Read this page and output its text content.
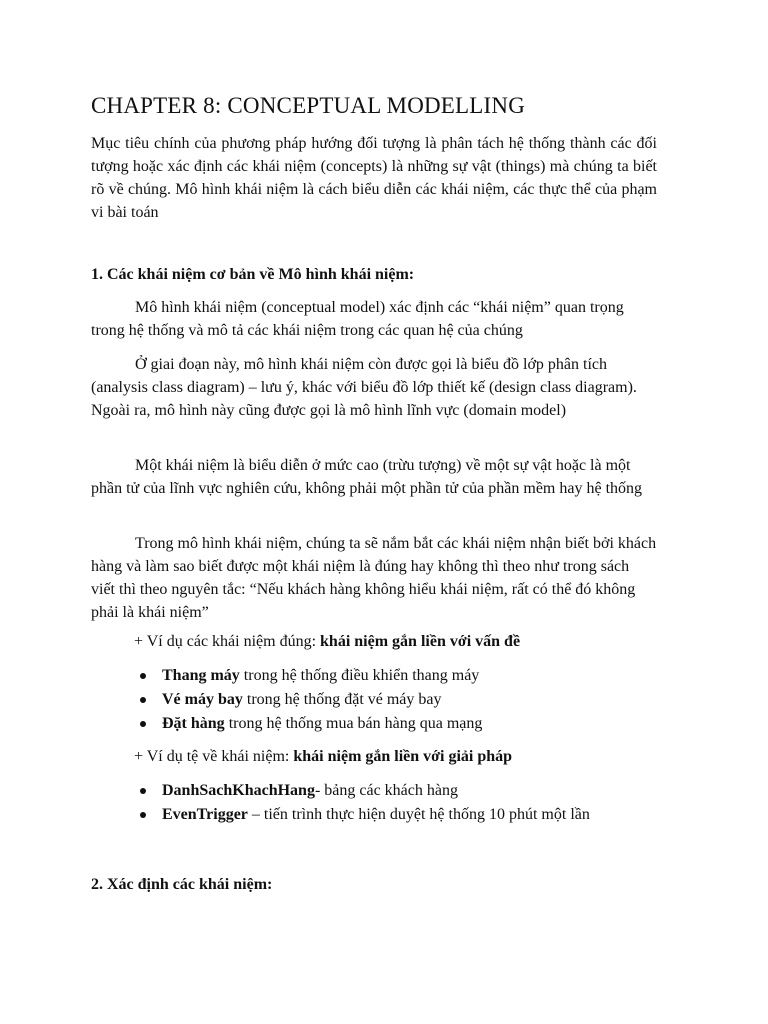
CHAPTER 8: CONCEPTUAL MODELLING

Mục tiêu chính của phương pháp hướng đối tượng là phân tách hệ thống thành các đối tượng hoặc xác định các khái niệm (concepts) là những sự vật (things) mà chúng ta biết rõ về chúng. Mô hình khái niệm là cách biểu diễn các khái niệm, các thực thể của phạm vi bài toán

1. Các khái niệm cơ bản về Mô hình khái niệm:

Mô hình khái niệm (conceptual model) xác định các “khái niệm” quan trọng trong hệ thống và mô tả các khái niệm trong các quan hệ của chúng

Ở giai đoạn này, mô hình khái niệm còn được gọi là biểu đồ lớp phân tích (analysis class diagram) – lưu ý, khác với biểu đồ lớp thiết kế (design class diagram). Ngoài ra, mô hình này cũng được gọi là mô hình lĩnh vực (domain model)

Một khái niệm là biểu diễn ở mức cao (trừu tượng) về một sự vật hoặc là một phần tử của lĩnh vực nghiên cứu, không phải một phần tử của phần mềm hay hệ thống

Trong mô hình khái niệm, chúng ta sẽ nắm bắt các khái niệm nhận biết bởi khách hàng và làm sao biết được một khái niệm là đúng hay không thì theo như trong sách viết thì theo nguyên tắc: “Nếu khách hàng không hiểu khái niệm, rất có thể đó không phải là khái niệm”

+ Ví dụ các khái niệm đúng: khái niệm gắn liền với vấn đề

Thang máy trong hệ thống điều khiển thang máy
Vé máy bay trong hệ thống đặt vé máy bay
Đặt hàng trong hệ thống mua bán hàng qua mạng

+ Ví dụ tệ về khái niệm: khái niệm gắn liền với giải pháp

DanhSachKhachHang- bảng các khách hàng
EvenTrigger – tiến trình thực hiện duyệt hệ thống 10 phút một lần
2. Xác định các khái niệm:
